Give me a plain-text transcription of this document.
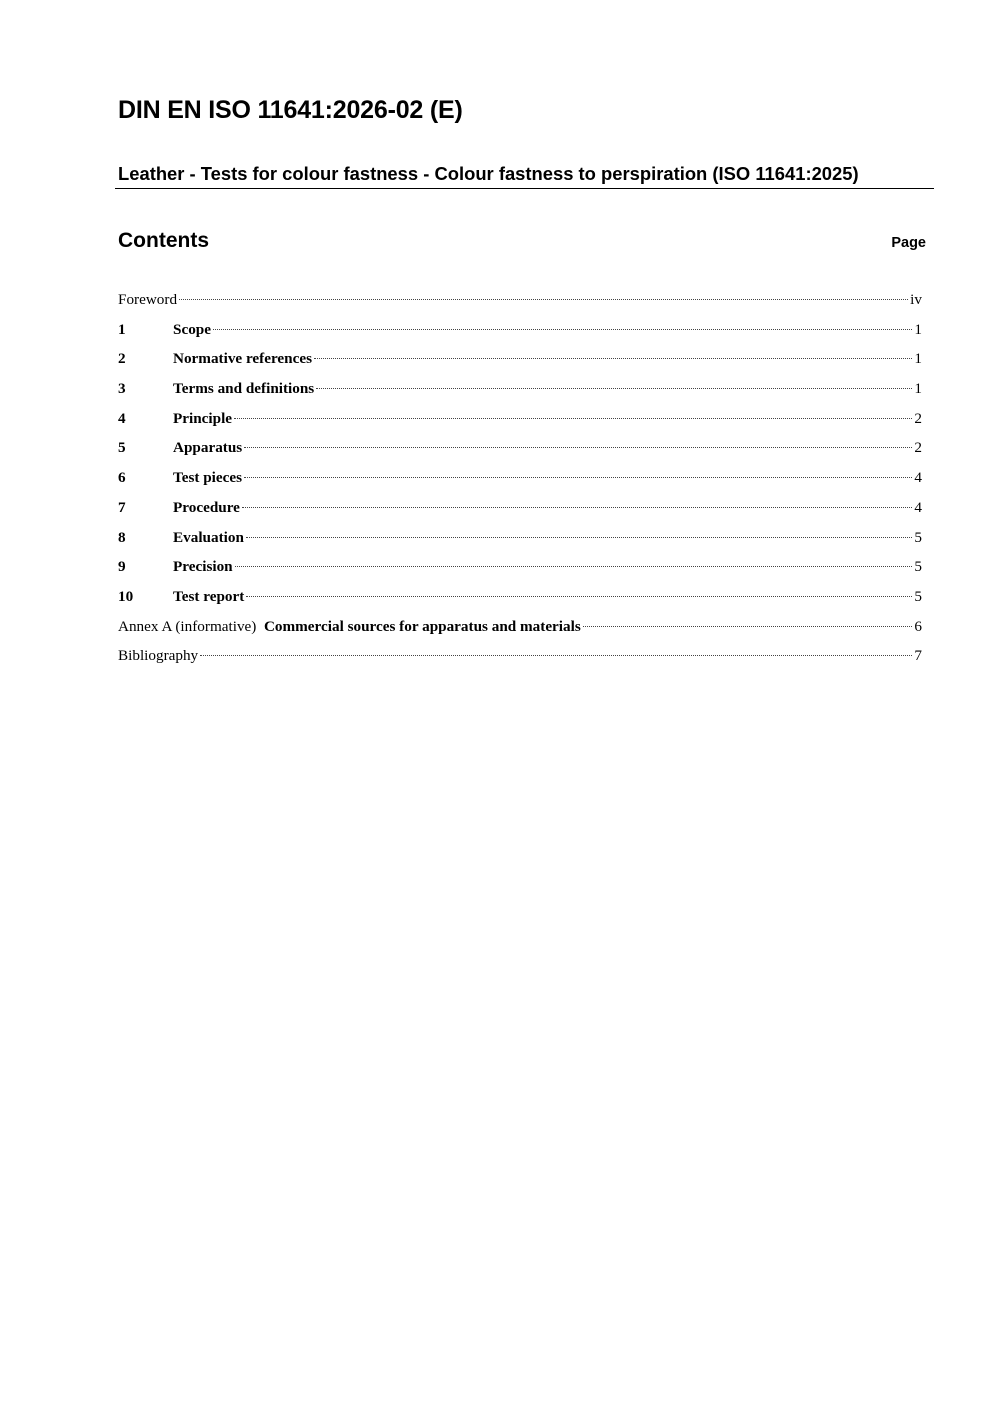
DIN EN ISO 11641:2026-02 (E)
Leather - Tests for colour fastness - Colour fastness to perspiration (ISO 11641:2025)
Contents	Page
Foreword	iv
1	Scope	1
2	Normative references	1
3	Terms and definitions	1
4	Principle	2
5	Apparatus	2
6	Test pieces	4
7	Procedure	4
8	Evaluation	5
9	Precision	5
10	Test report	5
Annex A (informative) Commercial sources for apparatus and materials	6
Bibliography	7
